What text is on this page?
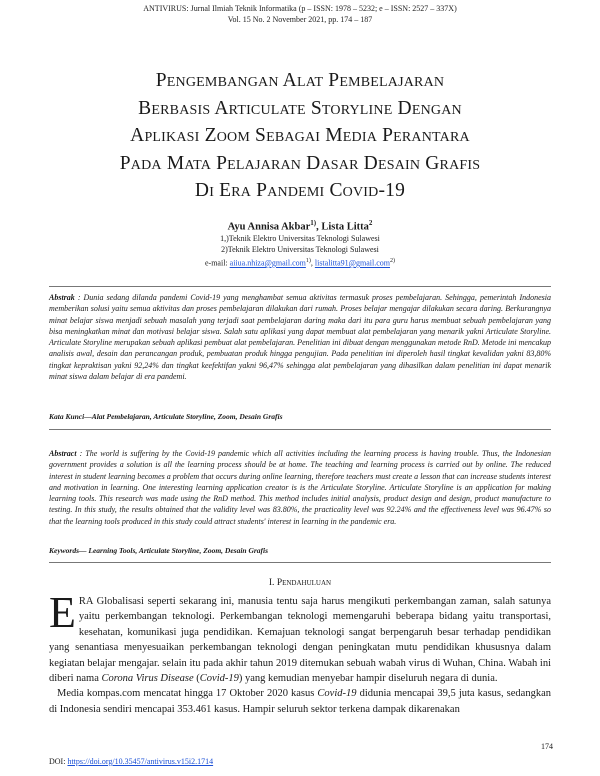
ANTIVIRUS: Jurnal Ilmiah Teknik Informatika (p – ISSN: 1978 – 5232; e – ISSN: 2527 – 337X)
Vol. 15 No. 2 November 2021, pp. 174 – 187
Pengembangan Alat Pembelajaran
Berbasis Articulate Storyline Dengan
Aplikasi Zoom Sebagai Media Perantara
Pada Mata Pelajaran Dasar Desain Grafis
Di Era Pandemi Covid-19
Ayu Annisa Akbar$^{1)}$, Lista Litta$^2$
1,)Teknik Elektro Universitas Teknologi Sulawesi
2)Teknik Elektro Universitas Teknologi Sulawesi
e-mail: aiiua.nhiza@gmail.com$^{1)}$, listalitta91@gmail.com$^{2)}$
Abstrak : Dunia sedang dilanda pandemi Covid-19 yang menghambat semua aktivitas termasuk proses pembelajaran. Sehingga, pemerintah Indonesia memberikan solusi yaitu semua aktivitas dan proses pembelajaran dilakukan dari rumah. Proses belajar mengajar dilakukan secara daring. Berkurangnya minat belajar siswa menjadi sebuah masalah yang terjadi saat pembelajaran daring maka dari itu para guru harus membuat sebuah pembelajaran yang bisa meningkatkan minat dan motivasi belajar siswa. Salah satu aplikasi yang dapat membuat alat pembelajaran yang menarik yakni Articulate Storyline. Articulate Storyline merupakan sebuah aplikasi pembuat alat pembelajaran. Penelitian ini dibuat dengan menggunakan metode RnD. Metode ini mencakup analisis awal, desain dan perancangan produk, pembuatan produk hingga pengujian. Pada penelitian ini diperoleh hasil tingkat kevalidan yakni 83,80% tingkat kepraktisan yakni 92,24% dan tingkat keefektifan yakni 96,47% sehingga alat pembelajaran yang dihasilkan dalam penelitian ini dapat menarik minat siswa dalam belajar di era pandemi.
Kata Kunci—Alat Pembelajaran, Articulate Storyline, Zoom, Desain Grafis
Abstract : The world is suffering by the Covid-19 pandemic which all activities including the learning process is having trouble. Thus, the Indonesian government provides a solution is all the learning process should be at home. The teaching and learning process is carried out by online. The reduced interest in student learning becomes a problem that occurs during online learning, therefore teachers must create a lesson that can increase students interest and motivation in learning. One interesting learning application creator is is the Articulate Storyline. Articulate Storyline is an application for making learning tools. This research was made using the RnD method. This method includes initial analysis, product design and design, product manufacture to testing. In this study, the results obtained that the validity level was 83.80%, the practicality level was 92.24% and the effectiveness level was 96.47% so that the learning tools produced in this study could attract students' interest in learning in the pandemic era.
Keywords— Learning Tools, Articulate Storyline, Zoom, Desain Grafis
I. Pendahuluan

ERA Globalisasi seperti sekarang ini, manusia tentu saja harus mengikuti perkembangan zaman, salah satunya yaitu perkembangan teknologi. Perkembangan teknologi memengaruhi beberapa bidang yaitu transportasi, kesehatan, komunikasi juga pendidikan. Kemajuan teknologi sangat berpengaruh besar terhadap pendidikan yang senantiasa menyesuaikan perkembangan teknologi dengan peningkatan mutu pendidikan khususnya dalam kegiatan belajar mengajar. selain itu pada akhir tahun 2019 ditemukan sebuah wabah virus di Wuhan, China. Wabah ini diberi nama Corona Virus Disease (Covid-19) yang kemudian menyebar hampir diseluruh negara di dunia.

Media kompas.com mencatat hingga 17 Oktober 2020 kasus Covid-19 didunia mencapai 39,5 juta kasus, sedangkan di Indonesia sendiri mencapai 353.461 kasus. Hampir seluruh sektor terkena dampak dikarenakan

174
DOI: https://doi.org/10.35457/antivirus.v15i2.1714
